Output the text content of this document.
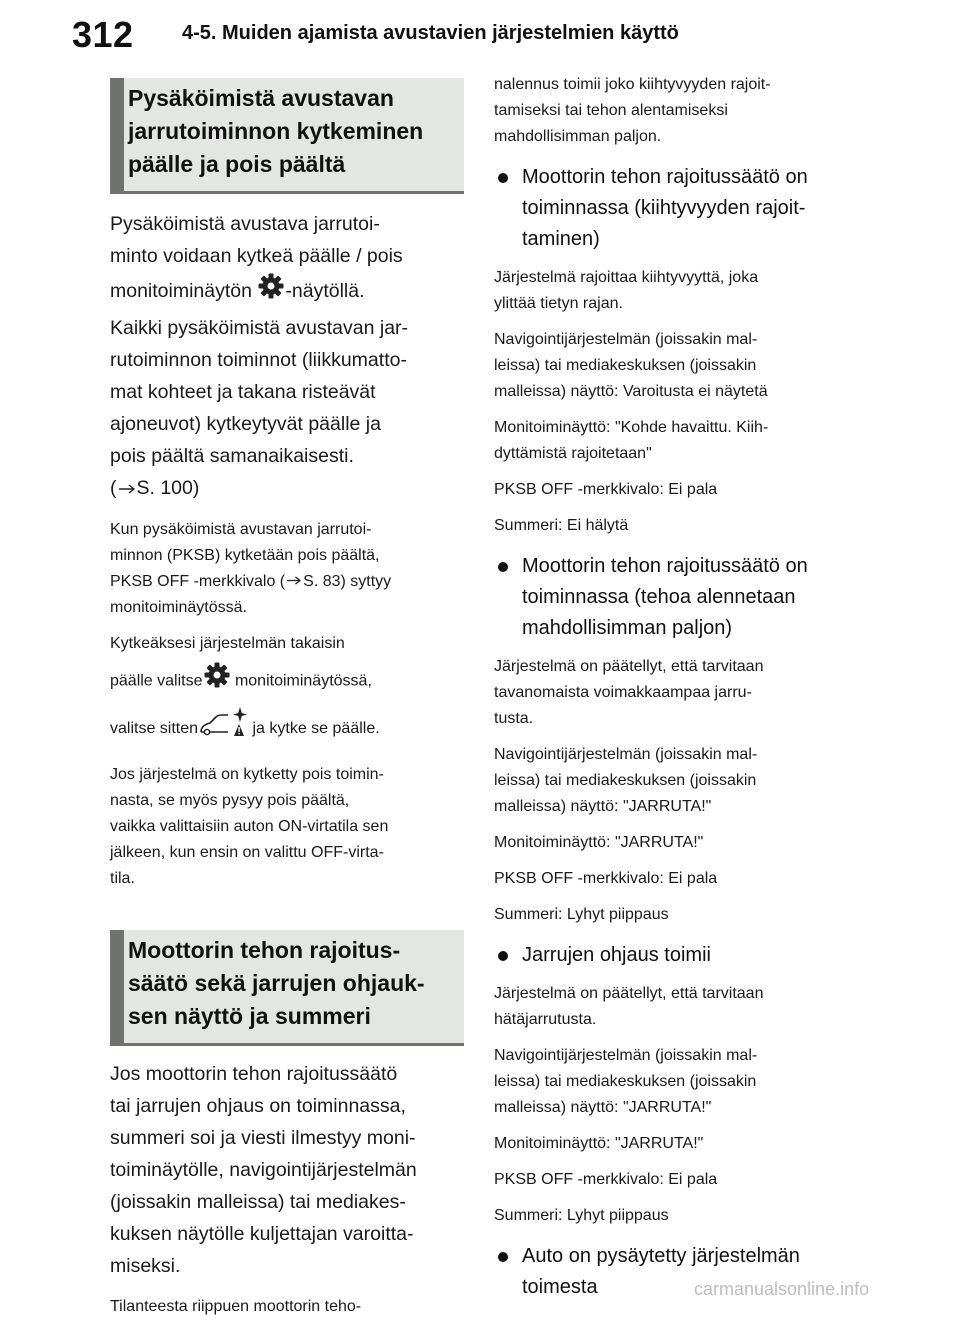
312 4-5. Muiden ajamista avustavien järjestelmien käyttö
Pysäköimistä avustavan
jarrutoiminnon kytkeminen
päälle ja pois päältä
Pysäköimistä avustava jarrutoi-
minto voidaan kytkeä päälle / pois
monitoiminäytön -näytöllä.
Kaikki pysäköimistä avustavan jar-
rutoiminnon toiminnot (liikkumatto-
mat kohteet ja takana risteävät
ajoneuvot) kytkeytyvät päälle ja
pois päältä samanaikaisesti.
( S. 100)
Kun pysäköimistä avustavan jarrutoi-
minnon (PKSB) kytketään pois päältä,
PKSB OFF -merkkivalo ( S. 83) syttyy
monitoiminäytössä.
Kytkeäksesi järjestelmän takaisin
päälle valitse monitoiminäytössä,
valitse sitten	ja kytke se päälle.
Jos järjestelmä on kytketty pois toimin-
nasta, se myös pysyy pois päältä,
vaikka valittaisiin auton ON-virtatila sen
jälkeen, kun ensin on valittu OFF-virta-
tila.
Moottorin tehon rajoitus-
säätö sekä jarrujen ohjauk-
sen näyttö ja summeri
Jos moottorin tehon rajoitussäätö
tai jarrujen ohjaus on toiminnassa,
summeri soi ja viesti ilmestyy moni-
toiminäytölle, navigointijärjestelmän
(joissakin malleissa) tai mediakes-
kuksen näytölle kuljettajan varoitta-
miseksi.
Tilanteesta riippuen moottorin teho-
nalennus toimii joko kiihtyvyyden rajoit-
tamiseksi tai tehon alentamiseksi
mahdollisimman paljon.
Moottorin tehon rajoitussäätö on
toiminnassa (kiihtyvyyden rajoit-
taminen)
Järjestelmä rajoittaa kiihtyvyyttä, joka
ylittää tietyn rajan.
Navigointijärjestelmän (joissakin mal-
leissa) tai mediakeskuksen (joissakin
malleissa) näyttö: Varoitusta ei näytetä
Monitoiminäyttö: "Kohde havaittu. Kiih-
dyttämistä rajoitetaan"
PKSB OFF -merkkivalo: Ei pala
Summeri: Ei hälytä
Moottorin tehon rajoitussäätö on
toiminnassa (tehoa alennetaan
mahdollisimman paljon)
Järjestelmä on päätellyt, että tarvitaan
tavanomaista voimakkaampaa jarru-
tusta.
Navigointijärjestelmän (joissakin mal-
leissa) tai mediakeskuksen (joissakin
malleissa) näyttö: "JARRUTA!"
Monitoiminäyttö: "JARRUTA!"
PKSB OFF -merkkivalo: Ei pala
Summeri: Lyhyt piippaus
Jarrujen ohjaus toimii
Järjestelmä on päätellyt, että tarvitaan
hätäjarrutusta.
Navigointijärjestelmän (joissakin mal-
leissa) tai mediakeskuksen (joissakin
malleissa) näyttö: "JARRUTA!"
Monitoiminäyttö: "JARRUTA!"
PKSB OFF -merkkivalo: Ei pala
Summeri: Lyhyt piippaus
Auto on pysäytetty järjestelmän
toimesta	carmanualsonline.info
